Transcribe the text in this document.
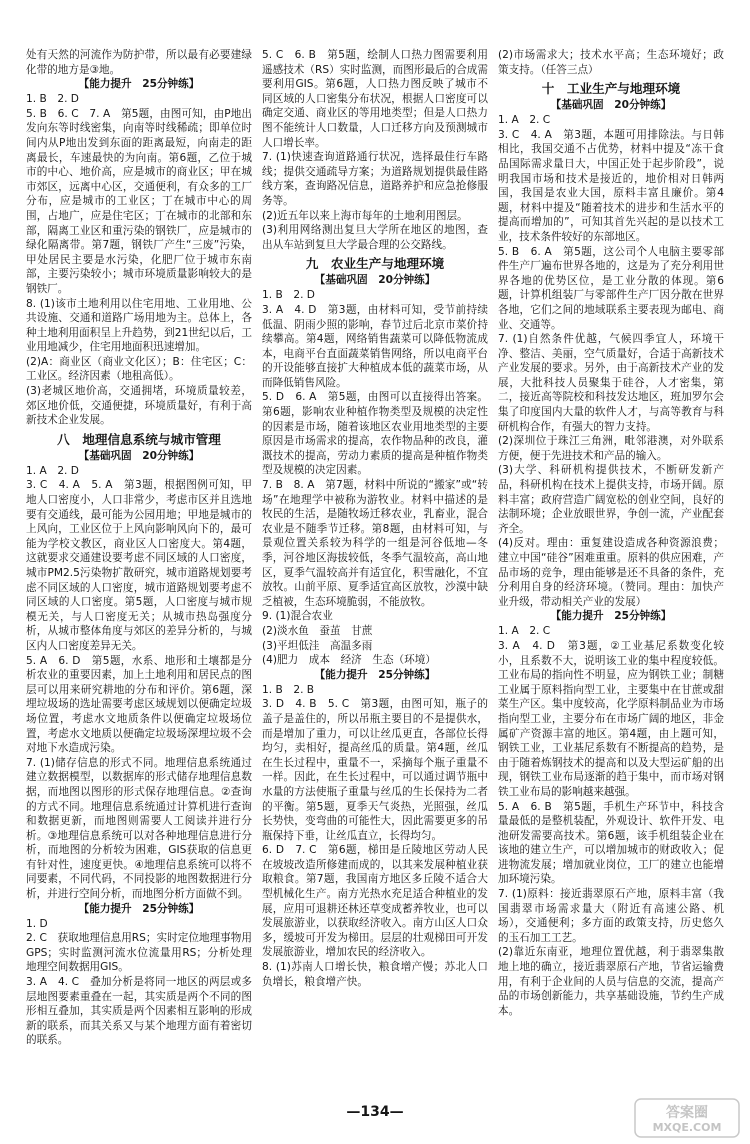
处有天然的河流作为防护带，所以最有必要建绿化带的地方是③地。

【能力提升　25分钟练】

1. B　2. D

5. B　6. C　7. A　第5题，由图可知，由P地出发向东等时线密集，向南等时线稀疏；即单位时间内从P地出发到东面的距离最短，向南走的距离最长，车速最快的为向南。第6题，乙位于城市的中心、地价高，应是城市的商业区；甲在城市郊区，远离中心区，交通便利，有众多的工厂分布，应是城市的工业区；丁在城市中心的周围，占地广，应是住宅区；丁在城市的北部和东部，隔离工业区和重污染的钢铁厂，应是城市的绿化隔离带。第7题，钢铁厂产生“三废”污染，甲处居民主要是水污染，化肥厂位于城市东南部，主要污染较小；城市环境质量影响较大的是钢铁厂。

8. (1)该市土地利用以住宅用地、工业用地、公共设施、交通和道路广场用地为主。总体上，各种土地利用面积呈上升趋势，到21世纪以后，工业用地减少，住宅用地面积迅速增加。

(2)A：商业区（商业文化区）；B：住宅区；C：工业区。经济因素（地租高低）。

(3)老城区地价高，交通拥堵，环境质量较差，郊区地价低，交通便捷，环境质量好，有利于高新技术企业发展。

八　地理信息系统与城市管理
【基础巩固　20分钟练】

1. A　2. D

3. C　4. A　5. A　第3题，根据图例可知，甲地人口密度小，人口非常少，考虑市区并且选地要有交通线，最可能为公园用地；甲地是城市的上风向，工业区位于上风向影响风向下的，最可能为学校文教区，商业区人口密度大。第4题，这就要求交通建设要考虑不同区域的人口密度，城市PM2.5污染物扩散研究，城市道路规划要考虑不同区域的人口密度，城市道路规划要考虑不同区域的人口密度。第5题，人口密度与城市规模无关，与人口密度无关；从城市热岛强度分析，从城市整体角度与郊区的差异分析的，与城区内人口密度差异无关。

5. A　6. D　第5题，水系、地形和土壤都是分析农业的重要因素，加上土地利用和居民点的图层可以用来研究耕地的分布和评价。第6题，深埋垃圾场的选址需要考虑区域规划以便确定垃圾场位置，考虑水文地质条件以便确定垃圾场位置，考虑水文地质以便确定垃圾场深埋垃圾不会对地下水造成污染。

7. (1)储存信息的形式不同。地理信息系统通过建立数据模型，以数据库的形式储存地理信息数据，而地图以图形的形式保存地理信息。②查询的方式不同。地理信息系统通过计算机进行查询和数据更新，而地图则需要人工阅读并进行分析。③地理信息系统可以对各种地理信息进行分析，而地图的分析较为困难，GIS获取的信息更有针对性，速度更快。④地理信息系统可以将不同要素，不同代码，不同投影的地图数据进行分析，并进行空间分析，而地图分析方面做不到。

【能力提升　25分钟练】

1. D

2. C　获取地理信息用RS；实时定位地理事物用GPS；实时监测河流水位流量用RS；分析处理地理空间数据用GIS。

3. A　4. C　叠加分析是将同一地区的两层或多层地图要素重叠在一起，其实质是两个不同的图形相互叠加，其实质是两个因素相互影响的形成新的联系，而其关系又与某个地理方面有着密切的联系。

5. C　6. B　第5题，绘制人口热力图需要利用遥感技术（RS）实时监测，而图形最后的合成需要利用GIS。第6题，人口热力图反映了城市不同区域的人口密集分布状况，根据人口密度可以确定交通、商业区的等用地类型；但是人口热力图不能统计人口数量，人口迁移方向及预测城市人口增长率。

7. (1)快速查询道路通行状况，选择最佳行车路线；提供交通疏导方案；为道路规划提供最佳路线方案，查询路况信息，道路养护和应急抢修服务等。

(2)近五年以来上海市每年的土地利用图层。

(3)利用网络测出复旦大学所在地区的地图，查出从车站到复旦大学最合理的公交路线。

九　农业生产与地理环境
【基础巩固　20分钟练】

1. B　2. D

3. A　4. D　第3题，由材料可知，受节前持续低温、阴雨少照的影响，春节过后北京市菜价持续攀高。第4题，网络销售蔬菜可以降低物流成本，电商平台直面蔬菜销售网络，所以电商平台的开设能够直接扩大种植成本低的蔬菜市场，从而降低销售风险。

5. D　6. A　第5题，由图可以直接得出答案。第6题，影响农业种植作物类型及规模的决定性的因素是市场，随着该地区农业用地类型的主要原因是市场需求的提高，农作物品种的改良，灌溉技术的提高，劳动力素质的提高是种植作物类型及规模的决定因素。

7. B　8. A　第7题，材料中所说的“搬家”或“转场”在地理学中被称为游牧业。材料中描述的是牧民的生活，是随牧场迁移农业，乳畜业，混合农业是不随季节迁移。第8题，由材料可知，与景观位置关系较为科学的一组是河谷低地—冬季，河谷地区海拔较低，冬季气温较高，高山地区，夏季气温较高并有适宜化，积雪融化，不宜放牧。山前平原、夏季适宜高区放牧，沙漠中缺乏植被，生态环境脆弱，不能放牧。

9. (1)混合农业

(2)淡水鱼　蚕茧　甘蔗

(3)平坦低洼　高温多雨

(4)肥力　成本　经济　生态（环境）

【能力提升　25分钟练】

1. B　2. B

3. D　4. B　5. C　第3题，由图可知，瓶子的盖子是盖住的，所以吊瓶主要目的不是提供水，而是增加了重力，可以让丝瓜更直，各部位长得均匀，卖相好，提高丝瓜的质量。第4题，丝瓜在生长过程中，重量不一，采摘每个瓶子重量不一样。因此，在生长过程中，可以通过调节瓶中水量的方法使瓶子重量与丝瓜的生长保持为二者的平衡。第5题，夏季天气炎热，光照强，丝瓜长势快，变弯曲的可能性大，因此需要更多的吊瓶保持下垂，让丝瓜直立，长得均匀。

6. D　7. C　第6题，梯田是丘陵地区劳动人民在坡坡改造所修建而成的，以其来发展种植业获取粮食。第7题，我国南方地区多丘陵不适合大型机械化生产。南方光热水充足适合种植业的发展，应用可退耕还林还草变成蓄养牧业，也可以发展旅游业，以获取经济收入。南方山区人口众多，缓坡可开发为梯田。层层的壮观梯田可开发发展旅游业，增加农民的经济收入。

8. (1)苏南人口增长快，粮食增产慢；苏北人口负增长，粮食增产快。

(2)市场需求大；技术水平高；生态环境好；政策支持。（任答三点）

十　工业生产与地理环境
【基础巩固　20分钟练】

1. A　2. C

3. C　4. A　第3题，本题可用排除法。与日韩相比，我国交通不占优势，材料中提及“冻干食品国际需求量日大，中国正处于起步阶段”，说明我国市场和技术是接近的，地价相对日韩两国，我国是农业大国，原料丰富且廉价。第4题，材料中提及“随着技术的进步和生活水平的提高而增加的”，可知其首先兴起的是以技术工业，技术条件较好的东部地区。

5. B　6. A　第5题，这公司个人电脑主要零部件生产厂遍布世界各地的，这是为了充分利用世界各地的优势区位，是工业分散的体现。第6题，计算机组装厂与零部件生产厂因分散在世界各地，它们之间的地域联系主要表现为邮电、商业、交通等。

7. (1)自然条件优越，气候四季宜人，环境干净、整洁、美丽，空气质量好，合适于高新技术产业发展的要求。另外，由于高新技术产业的发展，大批科技人员聚集于硅谷，人才密集，第二，接近高等院校和科技发达地区，班加罗尔会集了印度国内大量的软件人才，与高等教育与科研机构合作，有强大的智力支持。

(2)深圳位于珠江三角洲，毗邻港澳，对外联系方便，便于先进技术和产品的输入。

(3)大学、科研机构提供技术，不断研发新产品，科研机构在技术上提供支持，市场开阔。原料丰富；政府营造广阔宽松的创业空间，良好的法制环境；企业放眼世界，争创一流，产业配套齐全。

(4)反对。理由：重复建设造成各种资源浪费；建立中国“硅谷”困难重重。原料的供应困难，产品市场的竞争，理由能够是还不具备的条件，充分利用自身的经济环境。（赞同。理由：加快产业升级，带动相关产业的发展）

【能力提升　25分钟练】

1. A　2. C

3. A　4. D　第3题，②工业基尼系数变化较小，且系数不大，说明该工业的集中程度较低。工业布局的指向性不明显，应为钢铁工业；制糖工业属于原料指向型工业，主要集中在甘蔗或甜菜生产区。集中度较高，化学原料制品业为市场指向型工业，主要分布在市场广阔的地区，非金属矿产资源丰富的地区。第4题，由上题可知，钢铁工业，工业基尼系数有不断提高的趋势，是由于随着炼钢技术的提高和以及大型运矿船的出现，钢铁工业布局逐渐的趋于集中，而市场对钢铁工业布局的影响越来越强。

5. A　6. B　第5题，手机生产环节中，科技含量最低的是整机装配，外观设计、软件开发、电池研发需要高技术。第6题，该手机组装企业在该地的建立生产，可以增加城市的财政收入；促进物流发展；增加就业岗位，工厂的建立也能增加环境污染。

7. (1)原料：接近翡翠原石产地，原料丰富（我国翡翠市场需求量大（附近有高速公路、机场），交通便利；多方面的政策支持，历史悠久的玉石加工工艺。

(2)靠近东南亚，地理位置优越，利于翡翠集散地上地的确立，接近翡翠原石产地，节省运输费用，有利于企业间的人员与信息的交流，提高产品的市场创新能力，共享基础设施，节约生产成本。

—134—	答案圈
MXQE.COM
